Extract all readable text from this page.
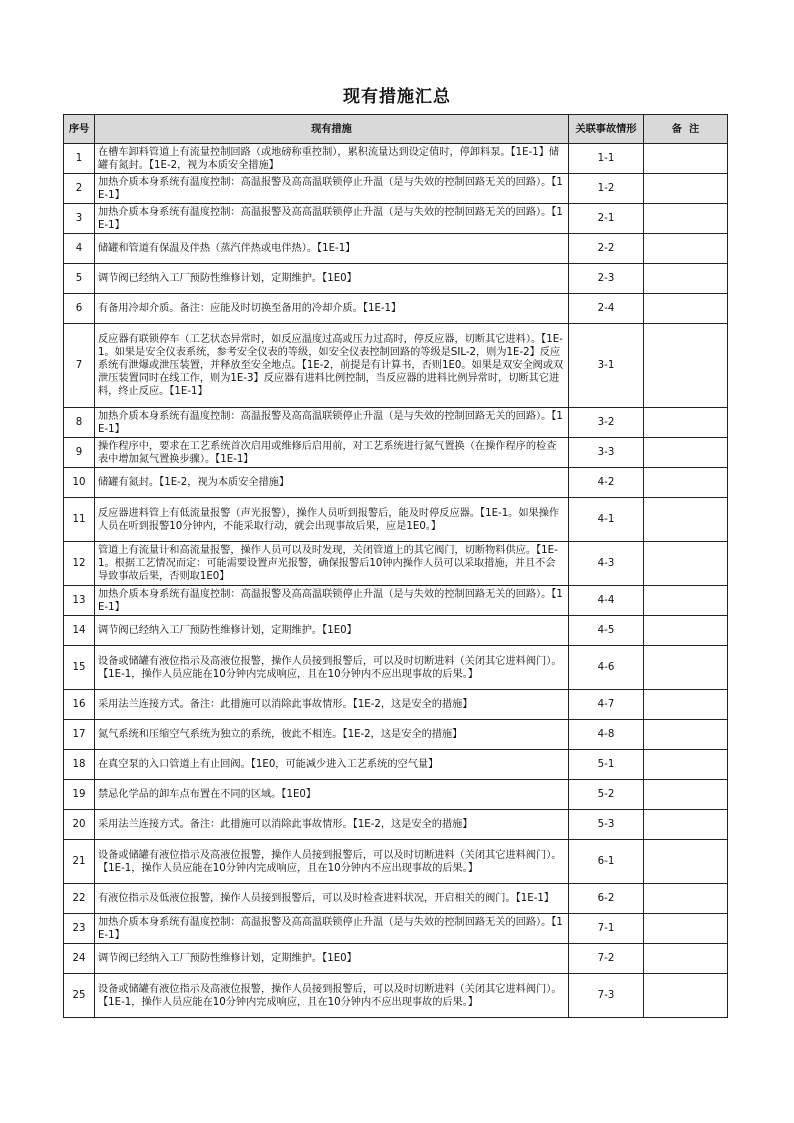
现有措施汇总
序号	现有措施	关联事故情形	备  注
1	在槽车卸料管道上有流量控制回路（或地磅称重控制），累积流量达到设定值时，停卸料泵。【1E-1】储罐有氮封。【1E-2，视为本质安全措施】	1-1	
2	加热介质本身系统有温度控制：高温报警及高高温联锁停止升温（是与失效的控制回路无关的回路）。【1E-1】	1-2	
3	加热介质本身系统有温度控制：高温报警及高高温联锁停止升温（是与失效的控制回路无关的回路）。【1E-1】	2-1	
4	储罐和管道有保温及伴热（蒸汽伴热或电伴热）。【1E-1】	2-2	
5	调节阀已经纳入工厂预防性维修计划，定期维护。【1E0】	2-3	
6	有备用冷却介质。备注：应能及时切换至备用的冷却介质。【1E-1】	2-4	
7	反应器有联锁停车（工艺状态异常时，如反应温度过高或压力过高时，停反应器，切断其它进料）。【1E-1。如果是安全仪表系统，参考安全仪表的等级，如安全仪表控制回路的等级是SIL-2，则为1E-2】反应系统有泄爆或泄压装置，并释放至安全地点。【1E-2，前提是有计算书，否则1E0。如果是双安全阀或双泄压装置同时在线工作，则为1E-3】反应器有进料比例控制，当反应器的进料比例异常时，切断其它进料，终止反应。【1E-1】	3-1	
8	加热介质本身系统有温度控制：高温报警及高高温联锁停止升温（是与失效的控制回路无关的回路）。【1E-1】	3-2	
9	操作程序中，要求在工艺系统首次启用或维修后启用前，对工艺系统进行氮气置换（在操作程序的检查表中增加氮气置换步骤）。【1E-1】	3-3	
10	储罐有氮封。【1E-2，视为本质安全措施】	4-2	
11	反应器进料管上有低流量报警（声光报警），操作人员听到报警后，能及时停反应器。【1E-1。如果操作人员在听到报警10分钟内，不能采取行动，就会出现事故后果，应是1E0。】	4-1	
12	管道上有流量计和高流量报警，操作人员可以及时发现，关闭管道上的其它阀门，切断物料供应。【1E-1。根据工艺情况而定：可能需要设置声光报警，确保报警后10钟内操作人员可以采取措施，并且不会导致事故后果，否则取1E0】	4-3	
13	加热介质本身系统有温度控制：高温报警及高高温联锁停止升温（是与失效的控制回路无关的回路）。【1E-1】	4-4	
14	调节阀已经纳入工厂预防性维修计划，定期维护。【1E0】	4-5	
15	设备或储罐有液位指示及高液位报警，操作人员接到报警后，可以及时切断进料（关闭其它进料阀门）。【1E-1，操作人员应能在10分钟内完成响应，且在10分钟内不应出现事故的后果。】	4-6	
16	采用法兰连接方式。备注：此措施可以消除此事故情形。【1E-2，这是安全的措施】	4-7	
17	氮气系统和压缩空气系统为独立的系统，彼此不相连。【1E-2，这是安全的措施】	4-8	
18	在真空泵的入口管道上有止回阀。【1E0，可能减少进入工艺系统的空气量】	5-1	
19	禁忌化学品的卸车点布置在不同的区域。【1E0】	5-2	
20	采用法兰连接方式。备注：此措施可以消除此事故情形。【1E-2，这是安全的措施】	5-3	
21	设备或储罐有液位指示及高液位报警，操作人员接到报警后，可以及时切断进料（关闭其它进料阀门）。【1E-1，操作人员应能在10分钟内完成响应，且在10分钟内不应出现事故的后果。】	6-1	
22	有液位指示及低液位报警，操作人员接到报警后，可以及时检查进料状况，开启相关的阀门。【1E-1】	6-2	
23	加热介质本身系统有温度控制：高温报警及高高温联锁停止升温（是与失效的控制回路无关的回路）。【1E-1】	7-1	
24	调节阀已经纳入工厂预防性维修计划，定期维护。【1E0】	7-2	
25	设备或储罐有液位指示及高液位报警，操作人员接到报警后，可以及时切断进料（关闭其它进料阀门）。【1E-1，操作人员应能在10分钟内完成响应，且在10分钟内不应出现事故的后果。】	7-3	
